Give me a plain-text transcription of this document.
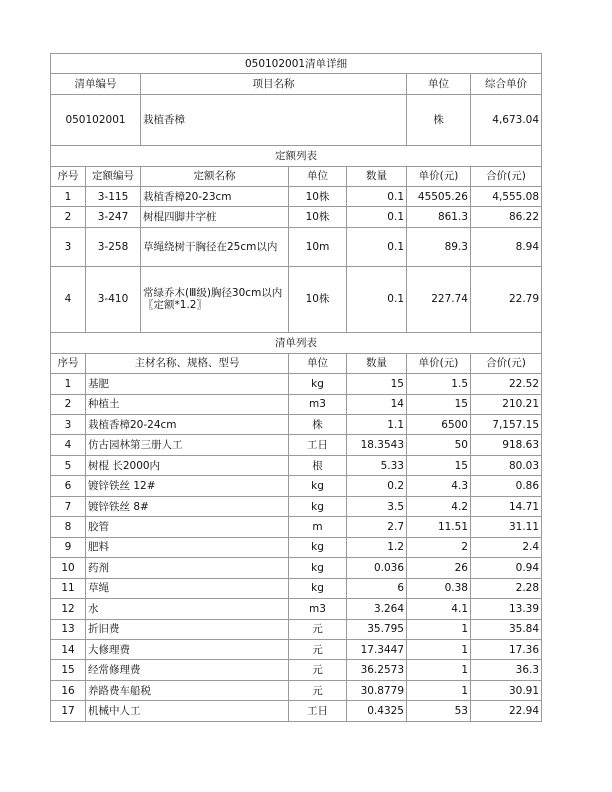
050102001清单详细						
清单编号		项目名称			单位	综合单价
050102001		栽植香樟			株	4,673.04
定额列表						
序号	定额编号	定额名称	单位	数量	单价(元)	合价(元)
1	3-115	栽植香樟20-23cm	10株	0.1	45505.26	4,555.08
2	3-247	树棍四脚井字桩	10株	0.1	861.3	86.22
3	3-258	草绳绕树干胸径在25cm以内	10m	0.1	89.3	8.94
4	3-410	常绿乔木(Ⅲ级)胸径30cm以内〖定额*1.2〗	10株	0.1	227.74	22.79
清单列表						
序号	主材名称、规格、型号		单位	数量	单价(元)	合价(元)
1	基肥		kg	15	1.5	22.52
2	种植土		m3	14	15	210.21
3	栽植香樟20-24cm		株	1.1	6500	7,157.15
4	仿古园林第三册人工		工日	18.3543	50	918.63
5	树棍 长2000内		根	5.33	15	80.03
6	镀锌铁丝 12#		kg	0.2	4.3	0.86
7	镀锌铁丝 8#		kg	3.5	4.2	14.71
8	胶管		m	2.7	11.51	31.11
9	肥料		kg	1.2	2	2.4
10	药剂		kg	0.036	26	0.94
11	草绳		kg	6	0.38	2.28
12	水		m3	3.264	4.1	13.39
13	折旧费		元	35.795	1	35.84
14	大修理费		元	17.3447	1	17.36
15	经常修理费		元	36.2573	1	36.3
16	养路费车船税		元	30.8779	1	30.91
17	机械中人工		工日	0.4325	53	22.94
